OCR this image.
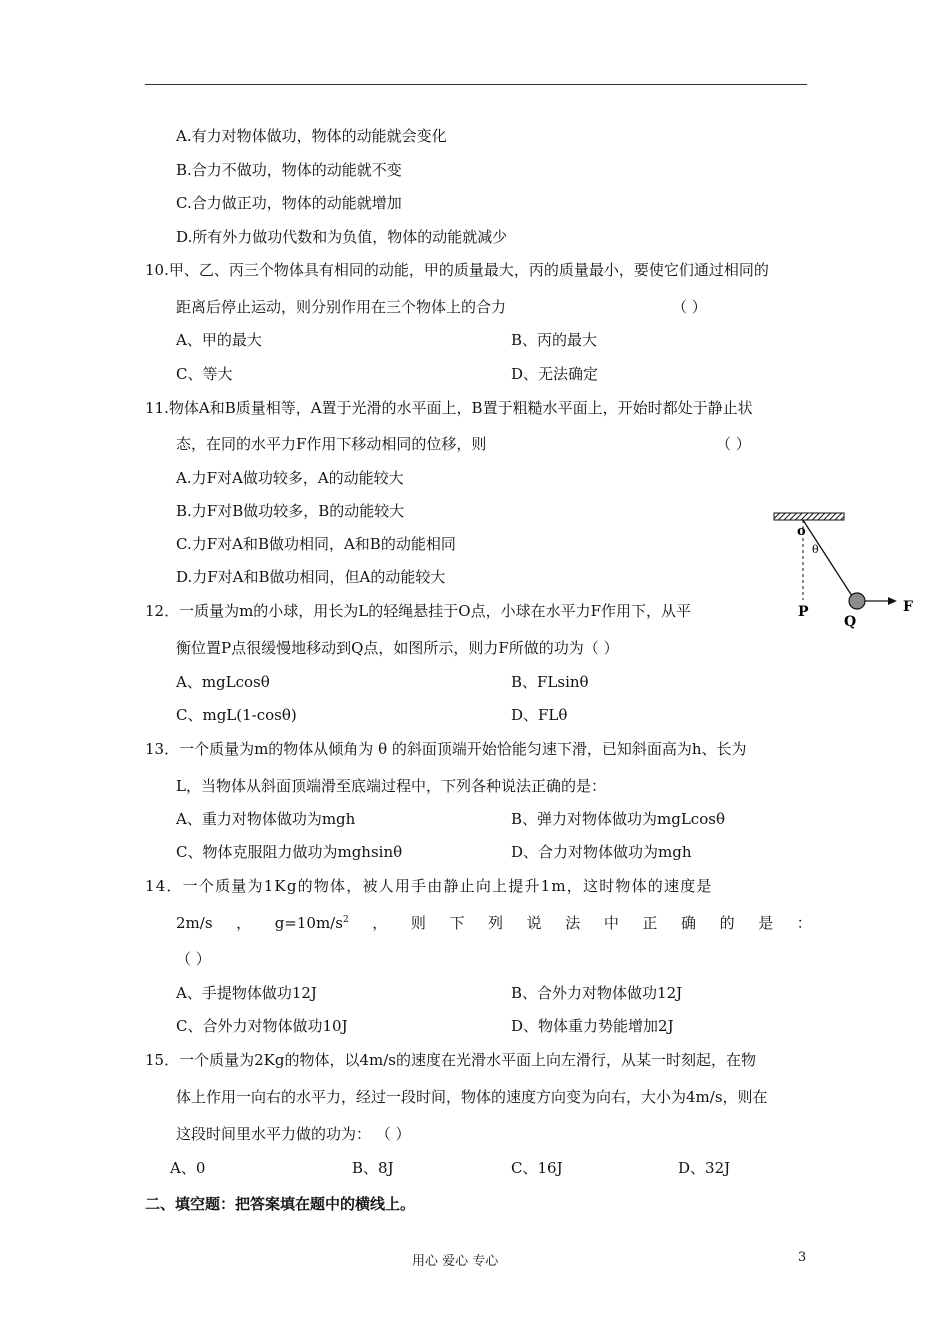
A.有力对物体做功，物体的动能就会变化
B.合力不做功，物体的动能就不变
C.合力做正功，物体的动能就增加
D.所有外力做功代数和为负值，物体的动能就减少
10.甲、乙、丙三个物体具有相同的动能，甲的质量最大，丙的质量最小，要使它们通过相同的
距离后停止运动，则分别作用在三个物体上的合力	（ ）
A、甲的最大	B、丙的最大
C、等大	D、无法确定
11.物体A和B质量相等，A置于光滑的水平面上，B置于粗糙水平面上，开始时都处于静止状
态，在同的水平力F作用下移动相同的位移，则	（ ）
A.力F对A做功较多，A的动能较大
B.力F对B做功较多，B的动能较大
C.力F对A和B做功相同，A和B的动能相同
D.力F对A和B做功相同，但A的动能较大
o
θ
P
Q
F
12．一质量为m的小球，用长为L的轻绳悬挂于O点，小球在水平力F作用下，从平
衡位置P点很缓慢地移动到Q点，如图所示，则力F所做的功为（ ）
A、mgLcosθ	B、FLsinθ
C、mgL(1-cosθ)	D、FLθ
13．一个质量为m的物体从倾角为 θ 的斜面顶端开始恰能匀速下滑，已知斜面高为h、长为
L，当物体从斜面顶端滑至底端过程中，下列各种说法正确的是：
A、重力对物体做功为mgh	B、弹力对物体做功为mgLcosθ
C、物体克服阻力做功为mghsinθ	D、合力对物体做功为mgh
14．一个质量为1Kg的物体，被人用手由静止向上提升1m，这时物体的速度是
2m/s ， $g=10m/s^2$ ， 则 下 列 说 法 中 正 确 的 是 ：
（ ）
A、手提物体做功12J	B、合外力对物体做功12J
C、合外力对物体做功10J	D、物体重力势能增加2J
15．一个质量为2Kg的物体，以4m/s的速度在光滑水平面上向左滑行，从某一时刻起，在物
体上作用一向右的水平力，经过一段时间，物体的速度方向变为向右，大小为4m/s，则在
这段时间里水平力做的功为： （ ）
A、0	B、8J	C、16J	D、32J
二、填空题：把答案填在题中的横线上。
用心 爱心 专心	3
